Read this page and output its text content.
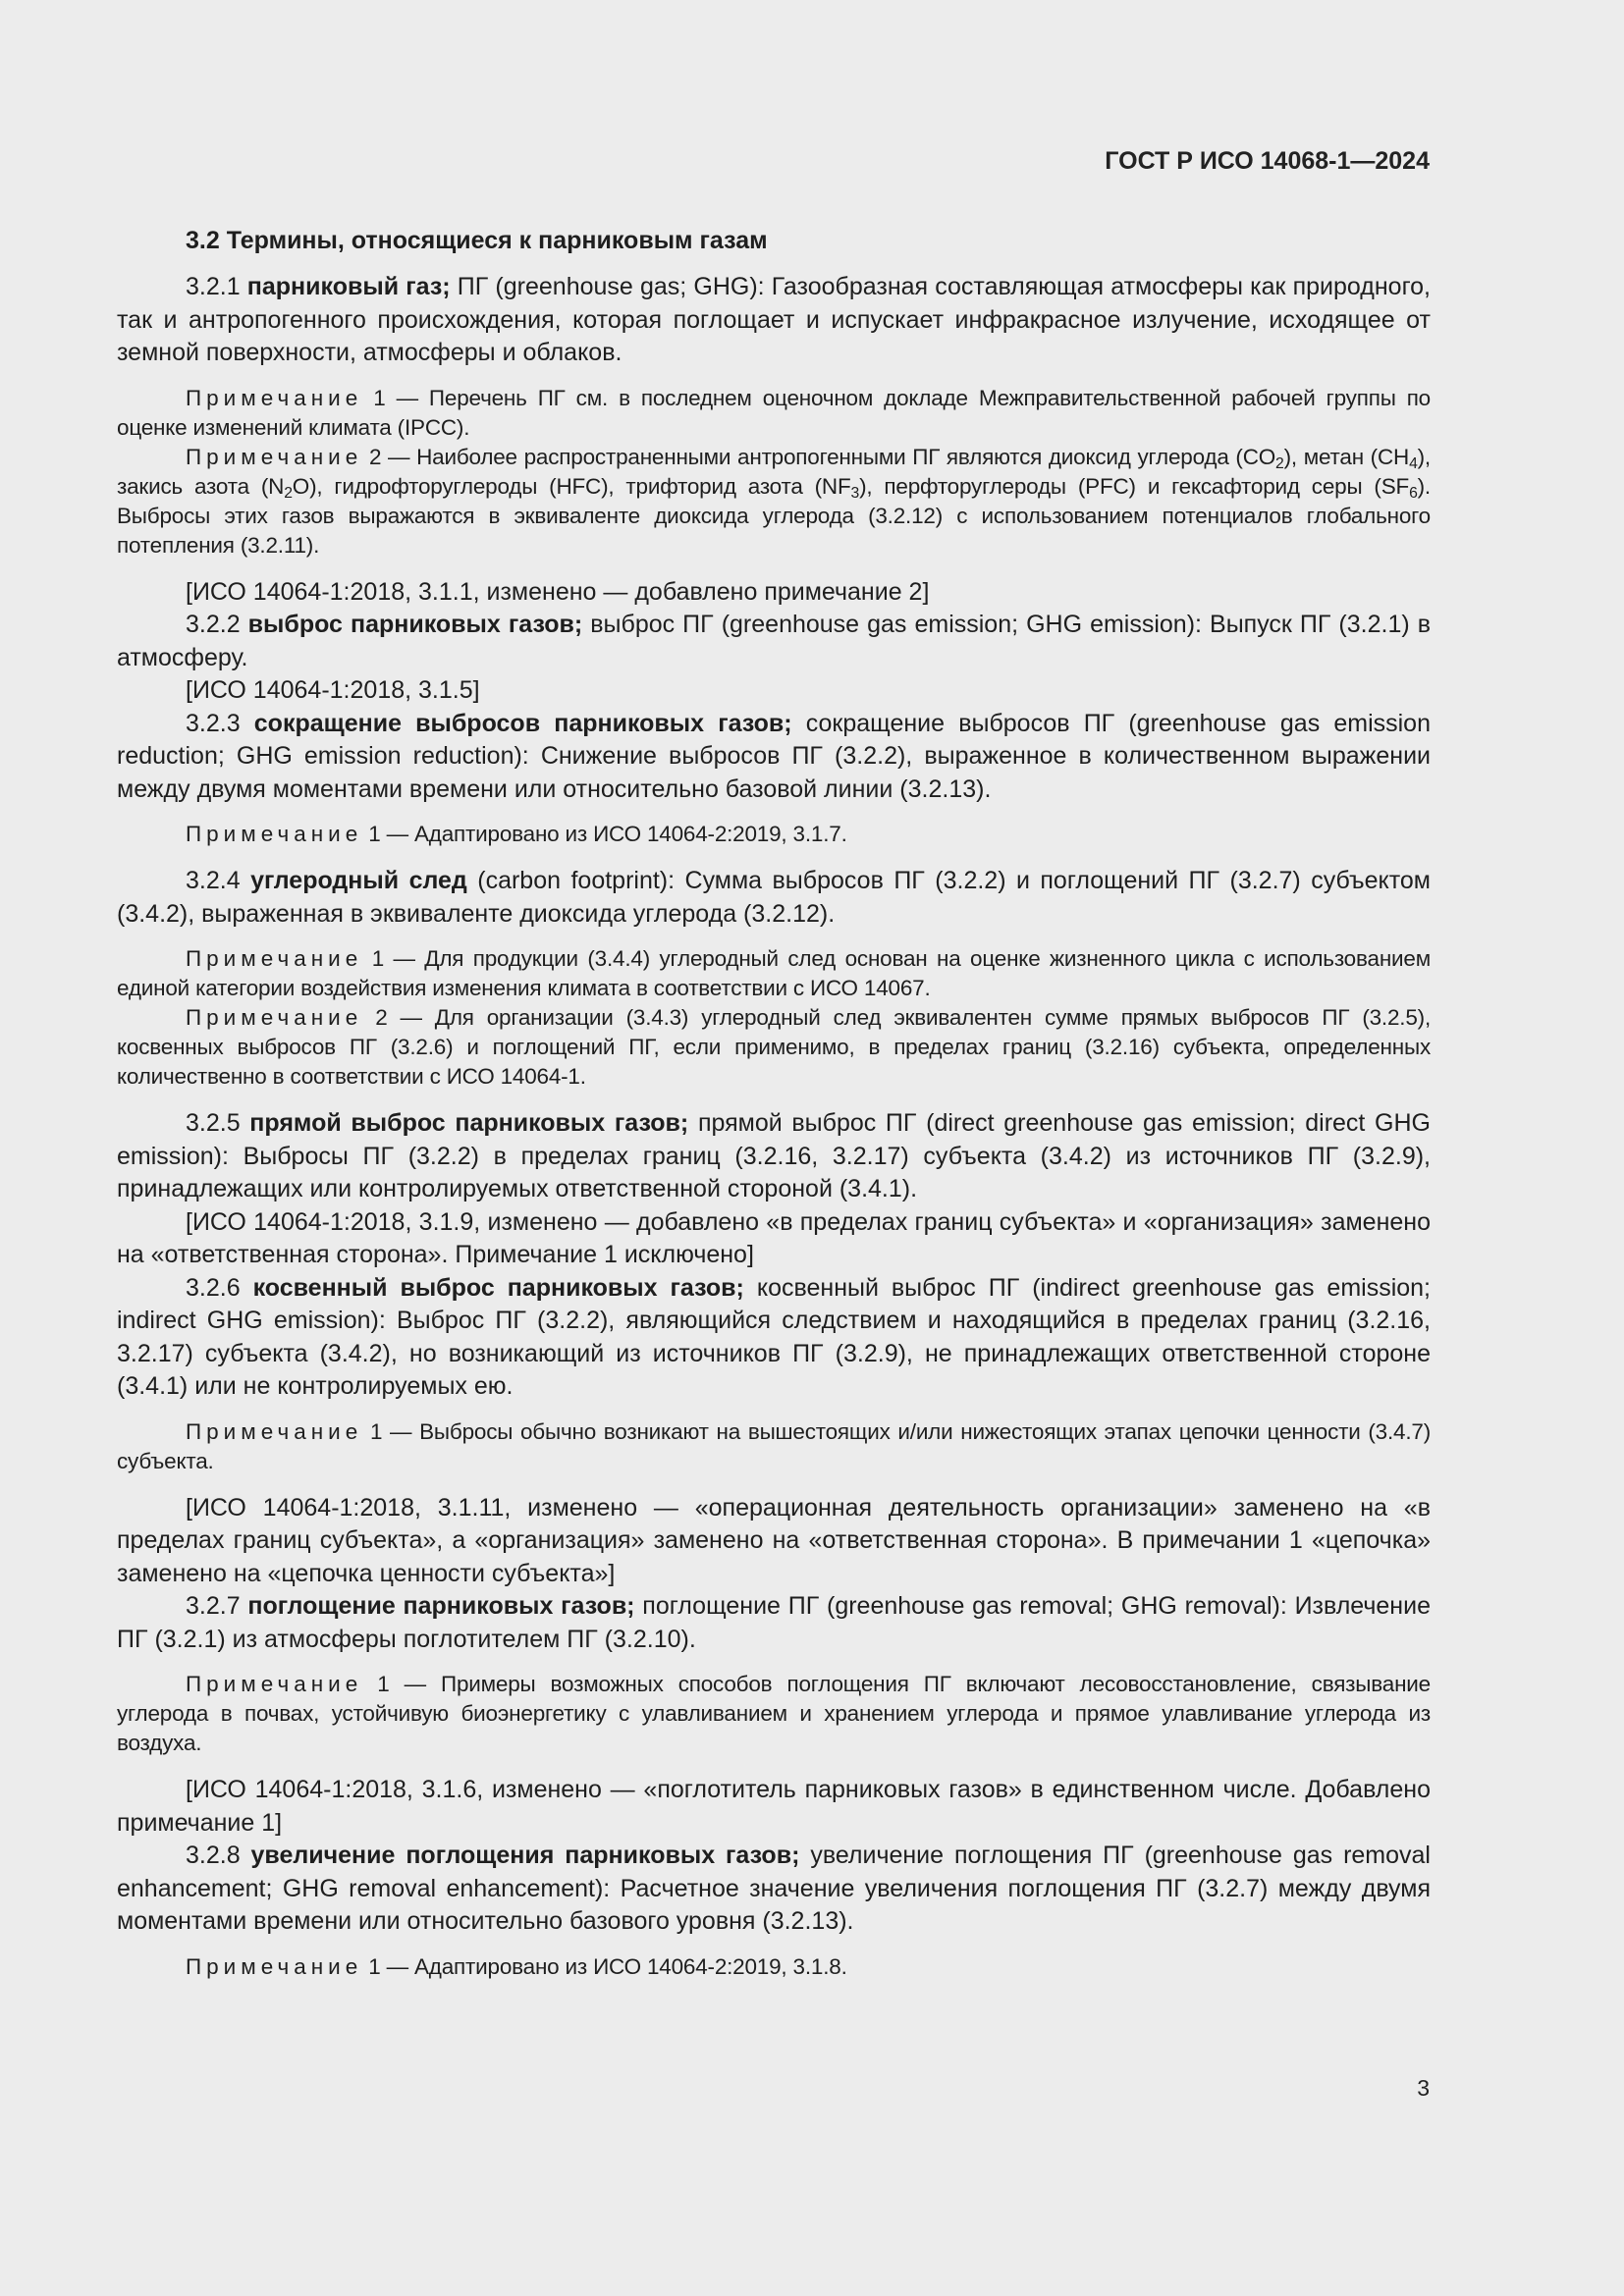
ГОСТ Р ИСО 14068-1—2024
3.2 Термины, относящиеся к парниковым газам

3.2.1 парниковый газ; ПГ (greenhouse gas; GHG): Газообразная составляющая атмосферы как природного, так и антропогенного происхождения, которая поглощает и испускает инфракрасное излучение, исходящее от земной поверхности, атмосферы и облаков.

Примечание 1 — Перечень ПГ см. в последнем оценочном докладе Межправительственной рабочей группы по оценке изменений климата (IPCC).

Примечание 2 — Наиболее распространенными антропогенными ПГ являются диоксид углерода $(CO_2)$, метан $(CH_4)$, закись азота $(N_2O)$, гидрофторуглероды (HFC), трифторид азота $(NF_3)$, перфторуглероды (PFC) и гексафторид серы $(SF_6)$. Выбросы этих газов выражаются в эквиваленте диоксида углерода (3.2.12) с использованием потенциалов глобального потепления (3.2.11).

[ИСО 14064-1:2018, 3.1.1, изменено — добавлено примечание 2]

3.2.2 выброс парниковых газов; выброс ПГ (greenhouse gas emission; GHG emission): Выпуск ПГ (3.2.1) в атмосферу.

[ИСО 14064-1:2018, 3.1.5]

3.2.3 сокращение выбросов парниковых газов; сокращение выбросов ПГ (greenhouse gas emission reduction; GHG emission reduction): Снижение выбросов ПГ (3.2.2), выраженное в количественном выражении между двумя моментами времени или относительно базовой линии (3.2.13).

Примечание 1 — Адаптировано из ИСО 14064-2:2019, 3.1.7.

3.2.4 углеродный след (carbon footprint): Сумма выбросов ПГ (3.2.2) и поглощений ПГ (3.2.7) субъектом (3.4.2), выраженная в эквиваленте диоксида углерода (3.2.12).

Примечание 1 — Для продукции (3.4.4) углеродный след основан на оценке жизненного цикла с использованием единой категории воздействия изменения климата в соответствии с ИСО 14067.

Примечание 2 — Для организации (3.4.3) углеродный след эквивалентен сумме прямых выбросов ПГ (3.2.5), косвенных выбросов ПГ (3.2.6) и поглощений ПГ, если применимо, в пределах границ (3.2.16) субъекта, определенных количественно в соответствии с ИСО 14064-1.

3.2.5 прямой выброс парниковых газов; прямой выброс ПГ (direct greenhouse gas emission; direct GHG emission): Выбросы ПГ (3.2.2) в пределах границ (3.2.16, 3.2.17) субъекта (3.4.2) из источников ПГ (3.2.9), принадлежащих или контролируемых ответственной стороной (3.4.1).

[ИСО 14064-1:2018, 3.1.9, изменено — добавлено «в пределах границ субъекта» и «организация» заменено на «ответственная сторона». Примечание 1 исключено]

3.2.6 косвенный выброс парниковых газов; косвенный выброс ПГ (indirect greenhouse gas emission; indirect GHG emission): Выброс ПГ (3.2.2), являющийся следствием и находящийся в пределах границ (3.2.16, 3.2.17) субъекта (3.4.2), но возникающий из источников ПГ (3.2.9), не принадлежащих ответственной стороне (3.4.1) или не контролируемых ею.

Примечание 1 — Выбросы обычно возникают на вышестоящих и/или нижестоящих этапах цепочки ценности (3.4.7) субъекта.

[ИСО 14064-1:2018, 3.1.11, изменено — «операционная деятельность организации» заменено на «в пределах границ субъекта», а «организация» заменено на «ответственная сторона». В примечании 1 «цепочка» заменено на «цепочка ценности субъекта»]

3.2.7 поглощение парниковых газов; поглощение ПГ (greenhouse gas removal; GHG removal): Извлечение ПГ (3.2.1) из атмосферы поглотителем ПГ (3.2.10).

Примечание 1 — Примеры возможных способов поглощения ПГ включают лесовосстановление, связывание углерода в почвах, устойчивую биоэнергетику с улавливанием и хранением углерода и прямое улавливание углерода из воздуха.

[ИСО 14064-1:2018, 3.1.6, изменено — «поглотитель парниковых газов» в единственном числе. Добавлено примечание 1]

3.2.8 увеличение поглощения парниковых газов; увеличение поглощения ПГ (greenhouse gas removal enhancement; GHG removal enhancement): Расчетное значение увеличения поглощения ПГ (3.2.7) между двумя моментами времени или относительно базового уровня (3.2.13).

Примечание 1 — Адаптировано из ИСО 14064-2:2019, 3.1.8.

3
